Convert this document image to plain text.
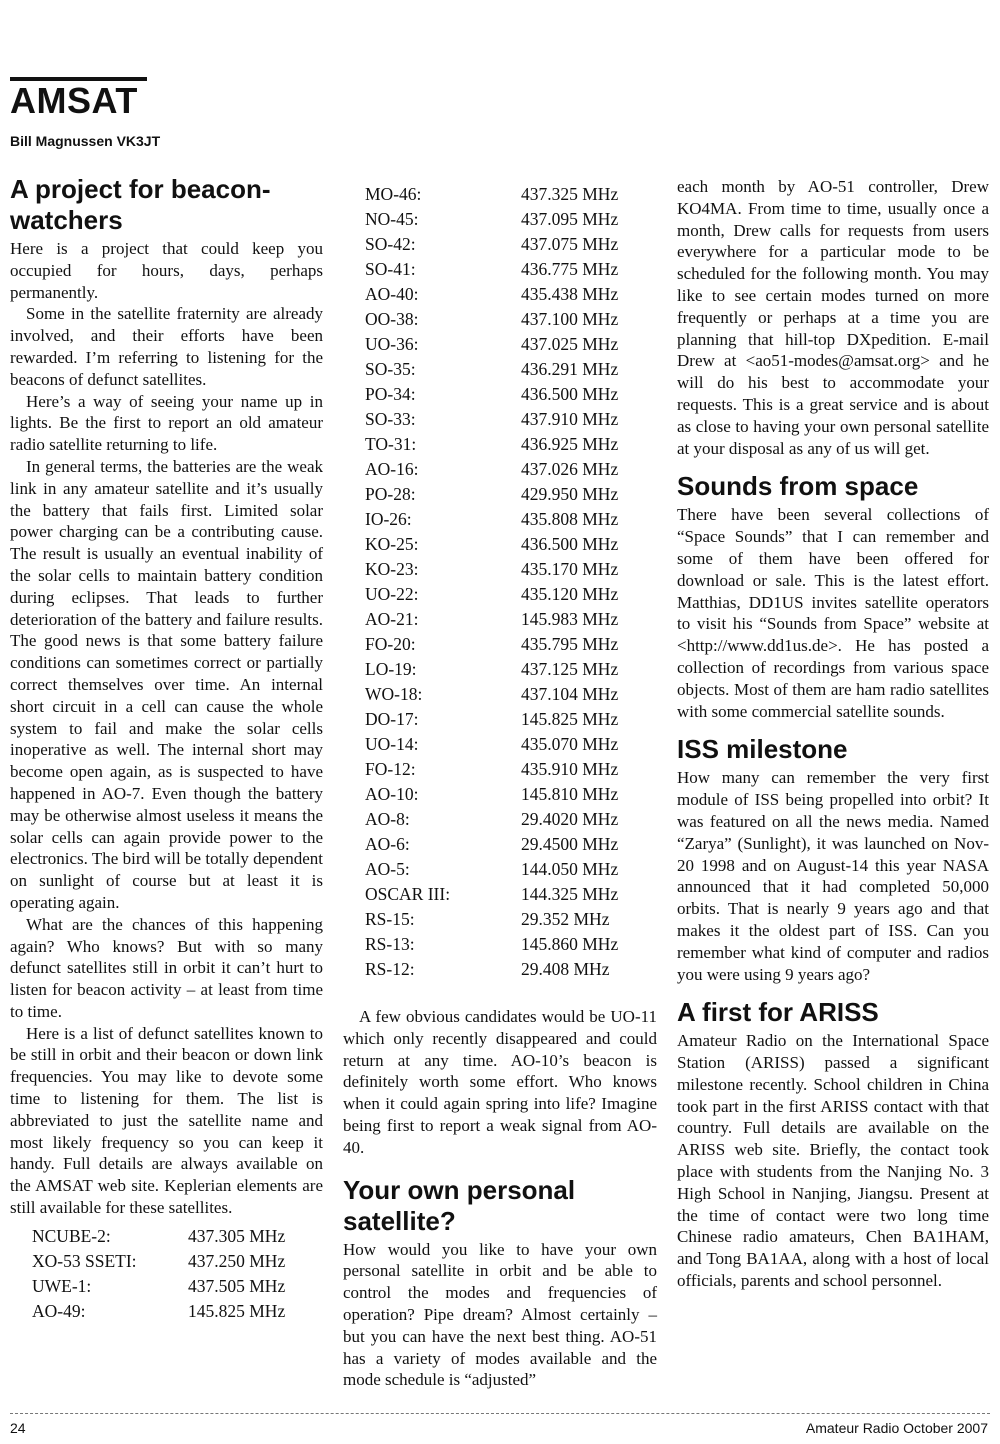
AMSAT
Bill Magnussen VK3JT
A project for beacon-watchers

Here is a project that could keep you occupied for hours, days, perhaps permanently.

Some in the satellite fraternity are already involved, and their efforts have been rewarded. I’m referring to listening for the beacons of defunct satellites.

Here’s a way of seeing your name up in lights. Be the first to report an old amateur radio satellite returning to life.

In general terms, the batteries are the weak link in any amateur satellite and it’s usually the battery that fails first. Limited solar power charging can be a contributing cause. The result is usually an eventual inability of the solar cells to maintain battery condition during eclipses. That leads to further deterioration of the battery and failure results. The good news is that some battery failure conditions can sometimes correct or partially correct themselves over time. An internal short circuit in a cell can cause the whole system to fail and make the solar cells inoperative as well. The internal short may become open again, as is suspected to have happened in AO-7. Even though the battery may be otherwise almost useless it means the solar cells can again provide power to the electronics. The bird will be totally dependent on sunlight of course but at least it is operating again.

What are the chances of this happening again? Who knows? But with so many defunct satellites still in orbit it can’t hurt to listen for beacon activity – at least from time to time.

Here is a list of defunct satellites known to be still in orbit and their beacon or down link frequencies. You may like to devote some time to listening for them. The list is abbreviated to just the satellite name and most likely frequency so you can keep it handy. Full details are always available on the AMSAT web site. Keplerian elements are still available for these satellites.

NCUBE-2:	437.305 MHz
XO-53 SSETI:	437.250 MHz
UWE-1:	437.505 MHz
AO-49:	145.825 MHz
MO-46:	437.325 MHz
NO-45:	437.095 MHz
SO-42:	437.075 MHz
SO-41:	436.775 MHz
AO-40:	435.438 MHz
OO-38:	437.100 MHz
UO-36:	437.025 MHz
SO-35:	436.291 MHz
PO-34:	436.500 MHz
SO-33:	437.910 MHz
TO-31:	436.925 MHz
AO-16:	437.026 MHz
PO-28:	429.950 MHz
IO-26:	435.808 MHz
KO-25:	436.500 MHz
KO-23:	435.170 MHz
UO-22:	435.120 MHz
AO-21:	145.983 MHz
FO-20:	435.795 MHz
LO-19:	437.125 MHz
WO-18:	437.104 MHz
DO-17:	145.825 MHz
UO-14:	435.070 MHz
FO-12:	435.910 MHz
AO-10:	145.810 MHz
AO-8:	29.4020 MHz
AO-6:	29.4500 MHz
AO-5:	144.050 MHz
OSCAR III:	144.325 MHz
RS-15:	29.352 MHz
RS-13:	145.860 MHz
RS-12:	29.408 MHz

A few obvious candidates would be UO-11 which only recently disappeared and could return at any time. AO-10’s beacon is definitely worth some effort. Who knows when it could again spring into life? Imagine being first to report a weak signal from AO-40.

Your own personal satellite?

How would you like to have your own personal satellite in orbit and be able to control the modes and frequencies of operation? Pipe dream? Almost certainly – but you can have the next best thing. AO-51 has a variety of modes available and the mode schedule is “adjusted”

each month by AO-51 controller, Drew KO4MA. From time to time, usually once a month, Drew calls for requests from users everywhere for a particular mode to be scheduled for the following month. You may like to see certain modes turned on more frequently or perhaps at a time you are planning that hill-top DXpedition. E-mail Drew at <ao51-modes@amsat.org> and he will do his best to accommodate your requests. This is a great service and is about as close to having your own personal satellite at your disposal as any of us will get.

Sounds from space

There have been several collections of “Space Sounds” that I can remember and some of them have been offered for download or sale. This is the latest effort. Matthias, DD1US invites satellite operators to visit his “Sounds from Space” website at <http://www.dd1us.de>. He has posted a collection of recordings from various space objects. Most of them are ham radio satellites with some commercial satellite sounds.

ISS milestone

How many can remember the very first module of ISS being propelled into orbit? It was featured on all the news media. Named “Zarya” (Sunlight), it was launched on Nov-20 1998 and on August-14 this year NASA announced that it had completed 50,000 orbits. That is nearly 9 years ago and that makes it the oldest part of ISS. Can you remember what kind of computer and radios you were using 9 years ago?

A first for ARISS

Amateur Radio on the International Space Station (ARISS) passed a significant milestone recently. School children in China took part in the first ARISS contact with that country. Full details are available on the ARISS web site. Briefly, the contact took place with students from the Nanjing No. 3 High School in Nanjing, Jiangsu. Present at the time of contact were two long time Chinese radio amateurs, Chen BA1HAM, and Tong BA1AA, along with a host of local officials, parents and school personnel.

24	Amateur Radio October 2007
